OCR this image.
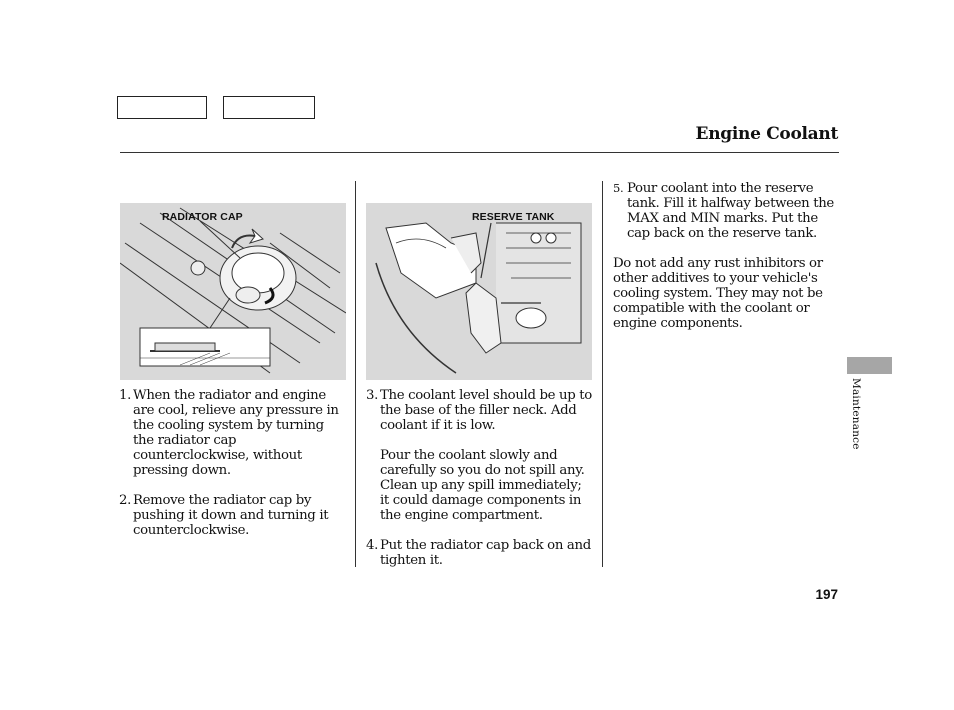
Engine Coolant
RADIATOR CAP	RESERVE TANK
1. When the radiator and engine are cool, relieve any pressure in the cooling system by turning the radiator cap counterclockwise, without pressing down.
2. Remove the radiator cap by pushing it down and turning it counterclockwise.
3. The coolant level should be up to the base of the filler neck. Add coolant if it is low.
Pour the coolant slowly and carefully so you do not spill any. Clean up any spill immediately; it could damage components in the engine compartment.
4. Put the radiator cap back on and tighten it.
5. Pour coolant into the reserve tank. Fill it halfway between the MAX and MIN marks. Put the cap back on the reserve tank.
Do not add any rust inhibitors or other additives to your vehicle's cooling system. They may not be compatible with the coolant or engine components.
Maintenance
197
